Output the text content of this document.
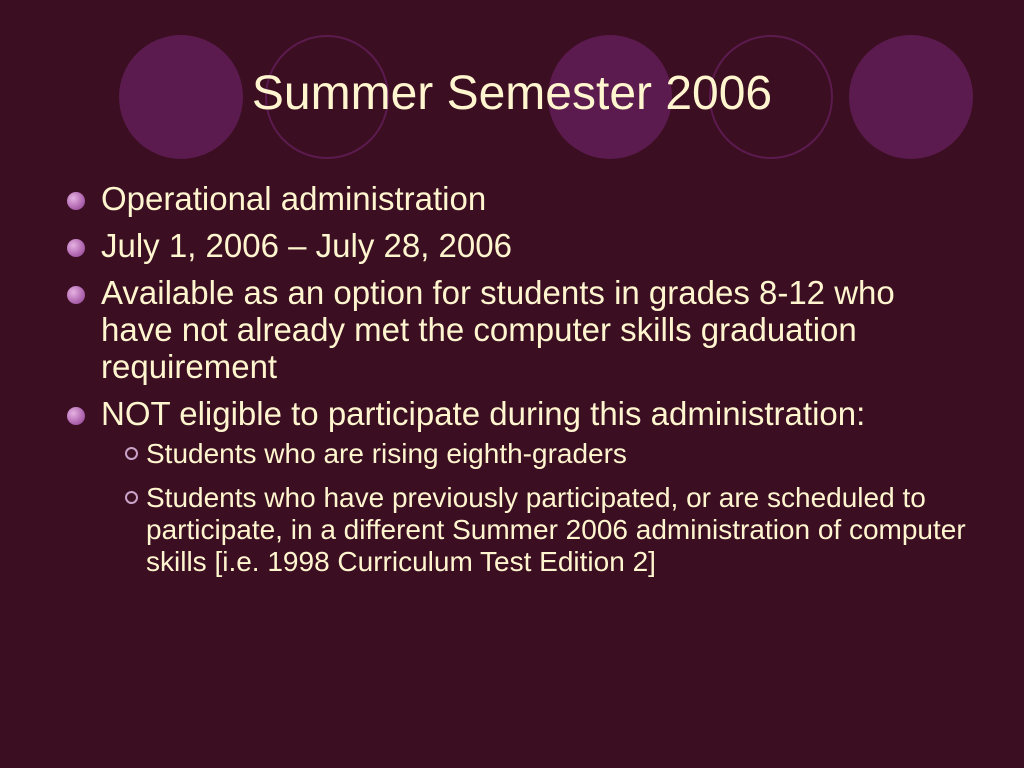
Summer Semester 2006
Operational administration
July 1, 2006 – July 28, 2006
Available as an option for students in grades 8-12 who have not already met the computer skills graduation requirement
NOT eligible to participate during this administration:
Students who are rising eighth-graders
Students who have previously participated, or are scheduled to participate, in a different Summer 2006 administration of computer skills [i.e. 1998 Curriculum Test Edition 2]
